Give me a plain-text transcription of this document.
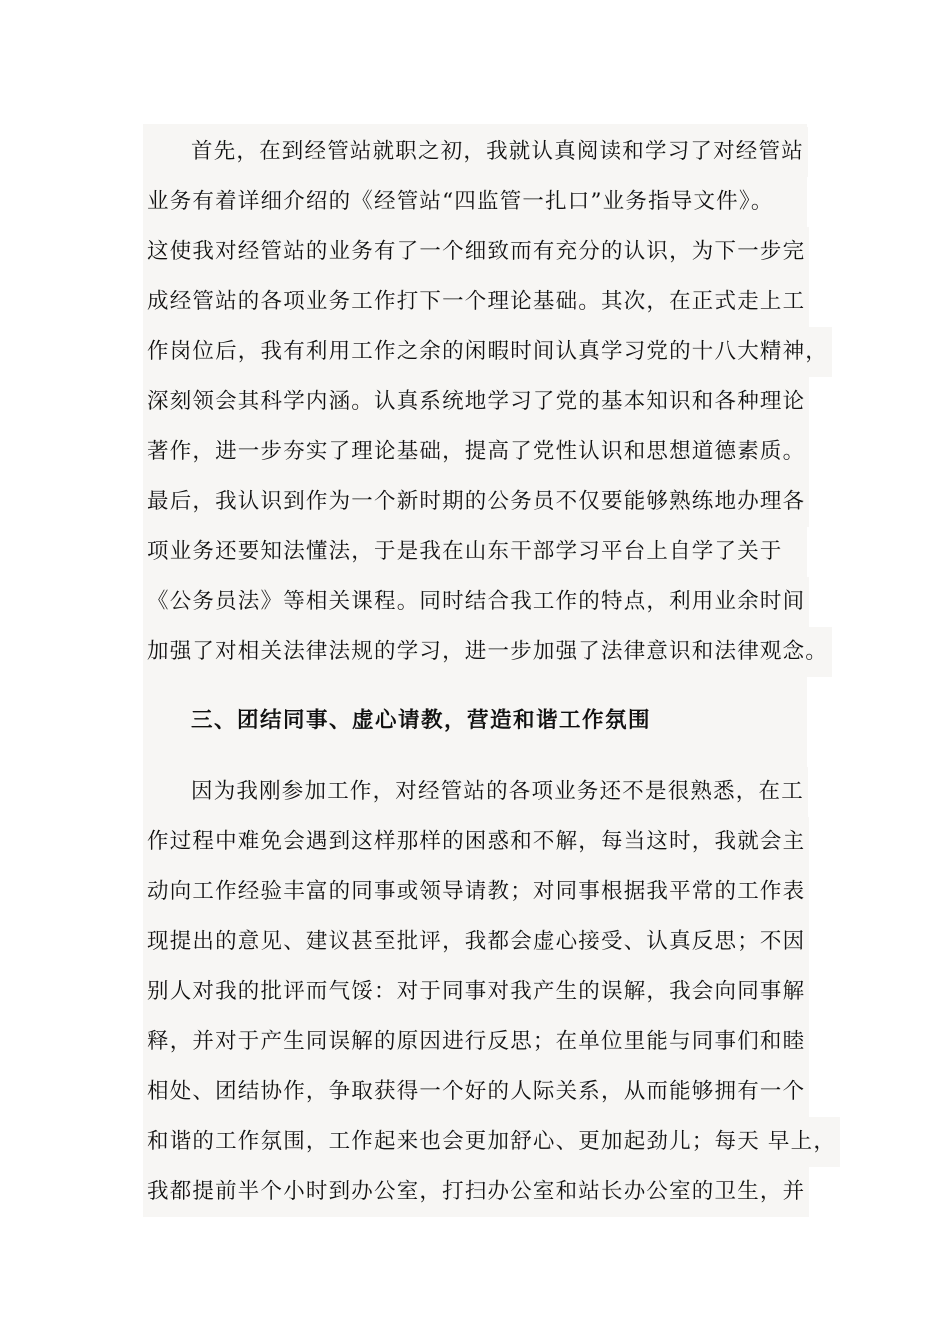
首先，在到经管站就职之初，我就认真阅读和学习了对经管站
业务有着详细介绍的《经管站“四监管一扎口”业务指导文件》。
这使我对经管站的业务有了一个细致而有充分的认识，为下一步完
成经管站的各项业务工作打下一个理论基础。其次，在正式走上工
作岗位后，我有利用工作之余的闲暇时间认真学习党的十八大精神，
深刻领会其科学内涵。认真系统地学习了党的基本知识和各种理论
著作，进一步夯实了理论基础，提高了党性认识和思想道德素质。
最后，我认识到作为一个新时期的公务员不仅要能够熟练地办理各
项业务还要知法懂法，于是我在山东干部学习平台上自学了关于
《公务员法》等相关课程。同时结合我工作的特点，利用业余时间
加强了对相关法律法规的学习，进一步加强了法律意识和法律观念。
三、团结同事、虚心请教，营造和谐工作氛围
因为我刚参加工作，对经管站的各项业务还不是很熟悉，在工
作过程中难免会遇到这样那样的困惑和不解，每当这时，我就会主
动向工作经验丰富的同事或领导请教；对同事根据我平常的工作表
现提出的意见、建议甚至批评，我都会虚心接受、认真反思；不因
别人对我的批评而气馁：对于同事对我产生的误解，我会向同事解
释，并对于产生同误解的原因进行反思；在单位里能与同事们和睦
相处、团结协作，争取获得一个好的人际关系，从而能够拥有一个
和谐的工作氛围，工作起来也会更加舒心、更加起劲儿；每天 早上，
我都提前半个小时到办公室，打扫办公室和站长办公室的卫生，并
